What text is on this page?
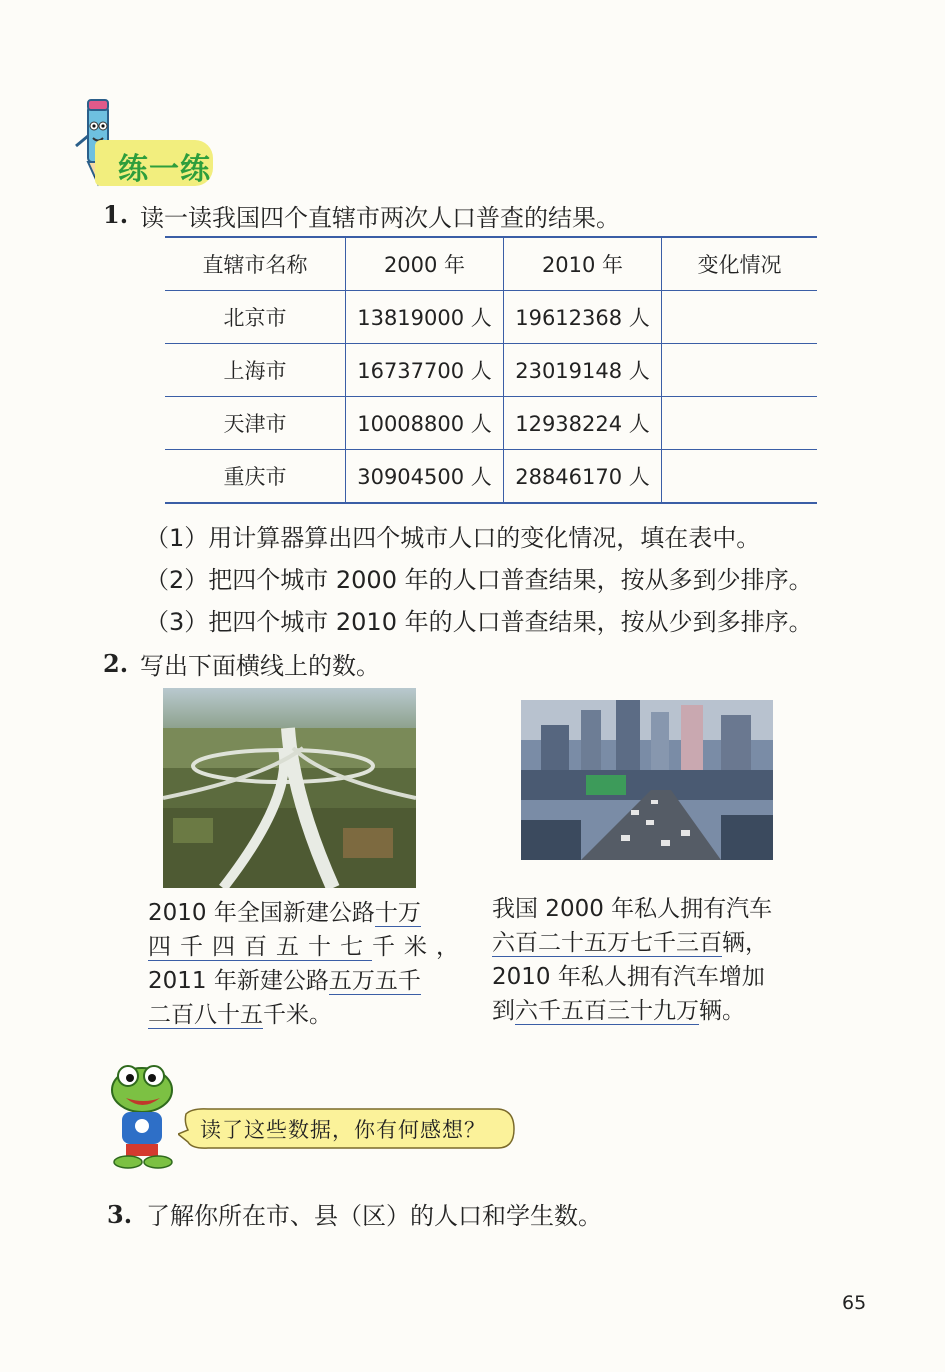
练一练
1. 读一读我国四个直辖市两次人口普查的结果。
直辖市名称	2000 年	2010 年	变化情况
北京市	13819000 人	19612368 人	
上海市	16737700 人	23019148 人	
天津市	10008800 人	12938224 人	
重庆市	30904500 人	28846170 人	
（1）用计算器算出四个城市人口的变化情况，填在表中。
（2）把四个城市 2000 年的人口普查结果，按从多到少排序。
（3）把四个城市 2010 年的人口普查结果，按从少到多排序。
2. 写出下面横线上的数。
2010 年全国新建公路十万
四千四百五十七千米，
2011 年新建公路五万五千
二百八十五千米。
我国 2000 年私人拥有汽车
六百二十五万七千三百辆，
2010 年私人拥有汽车增加
到六千五百三十九万辆。
读了这些数据，你有何感想？
3. 了解你所在市、县（区）的人口和学生数。
65
